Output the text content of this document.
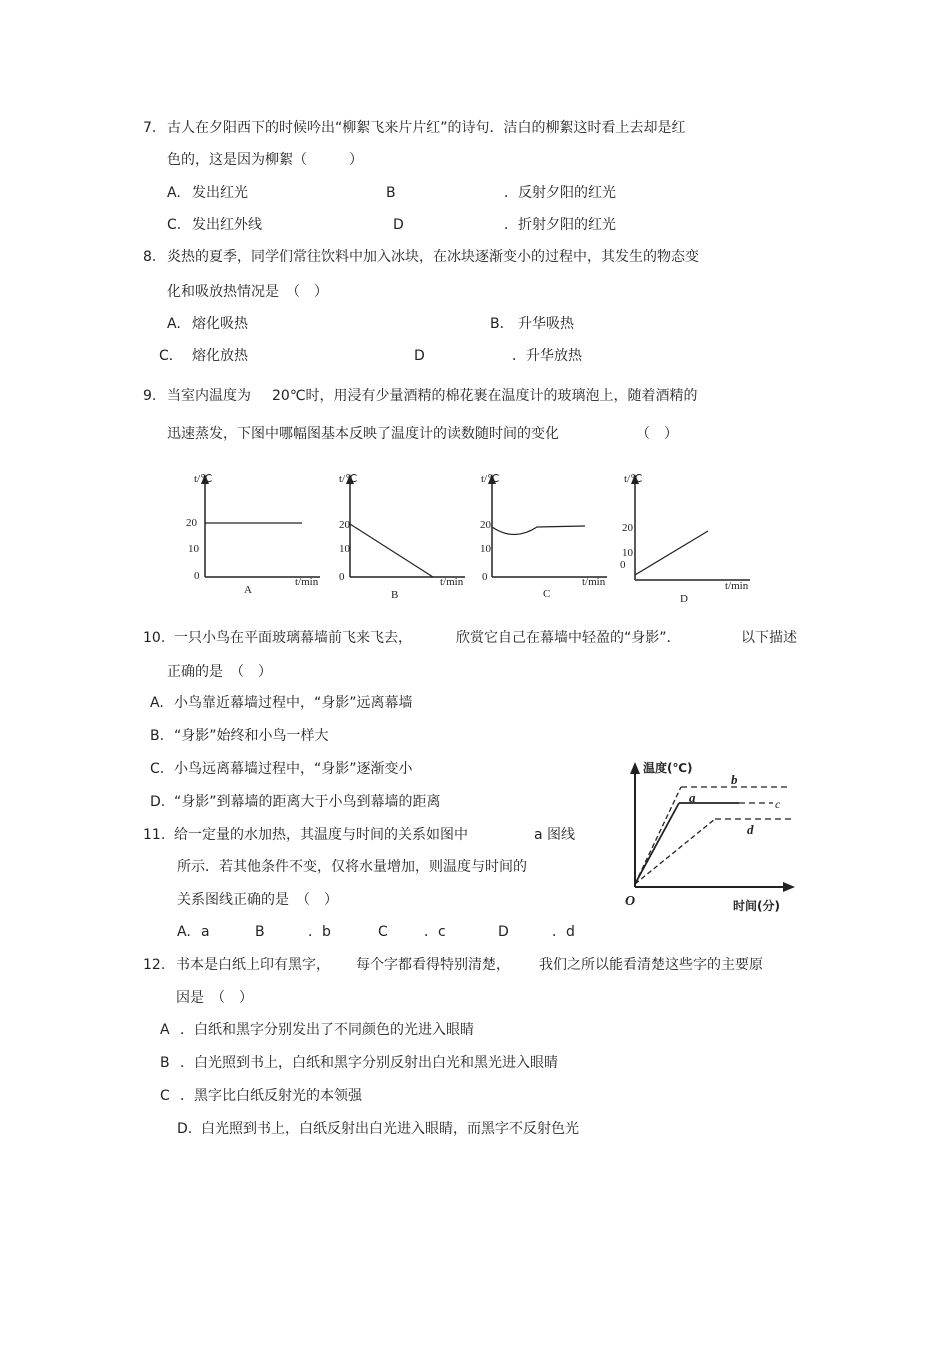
7. 古人在夕阳西下的时候吟出“柳絮飞来片片红”的诗句．洁白的柳絮这时看上去却是红
色的，这是因为柳絮（　　　）
A. 发出红光	B	．反射夕阳的红光
C. 发出红外线	D	．折射夕阳的红光
8. 炎热的夏季，同学们常往饮料中加入冰块，在冰块逐渐变小的过程中，其发生的物态变
化和吸放热情况是　（　）
A. 熔化吸热	B． 升华吸热
C． 熔化放热	D	．升华放热
9. 当室内温度为 20℃时，用浸有少量酒精的棉花裹在温度计的玻璃泡上，随着酒精的
迅速蒸发，下图中哪幅图基本反映了温度计的读数随时间的变化	（　）
t/℃
t/min
20
10
0
A
t/℃
t/min
20
10
0
B
t/℃
t/min
20
10
0
C
t/℃
t/min
20
10
0
D
10. 一只小鸟在平面玻璃幕墙前飞来飞去，	欣赏它自己在幕墙中轻盈的“身影”．	以下描述
正确的是　（　）
A. 小鸟靠近幕墙过程中，“身影”远离幕墙
B. “身影”始终和小鸟一样大
C. 小鸟远离幕墙过程中，“身影”逐渐变小
D. “身影”到幕墙的距离大于小鸟到幕墙的距离
温度(℃)
时间(分)
O
a
b
c
d
11. 给一定量的水加热，其温度与时间的关系如图中	a 图线
所示．若其他条件不变，仅将水量增加，则温度与时间的
关系图线正确的是　（　）
A. a	B	．b	C	．c	D	．d
12. 书本是白纸上印有黑字， 每个字都看得特别清楚， 我们之所以能看清楚这些字的主要原
因是　（　）
A ．白纸和黑字分别发出了不同颜色的光进入眼睛
B ．白光照到书上，白纸和黑字分别反射出白光和黑光进入眼睛
C ．黑字比白纸反射光的本领强
D. 白光照到书上，白纸反射出白光进入眼睛，而黑字不反射色光
